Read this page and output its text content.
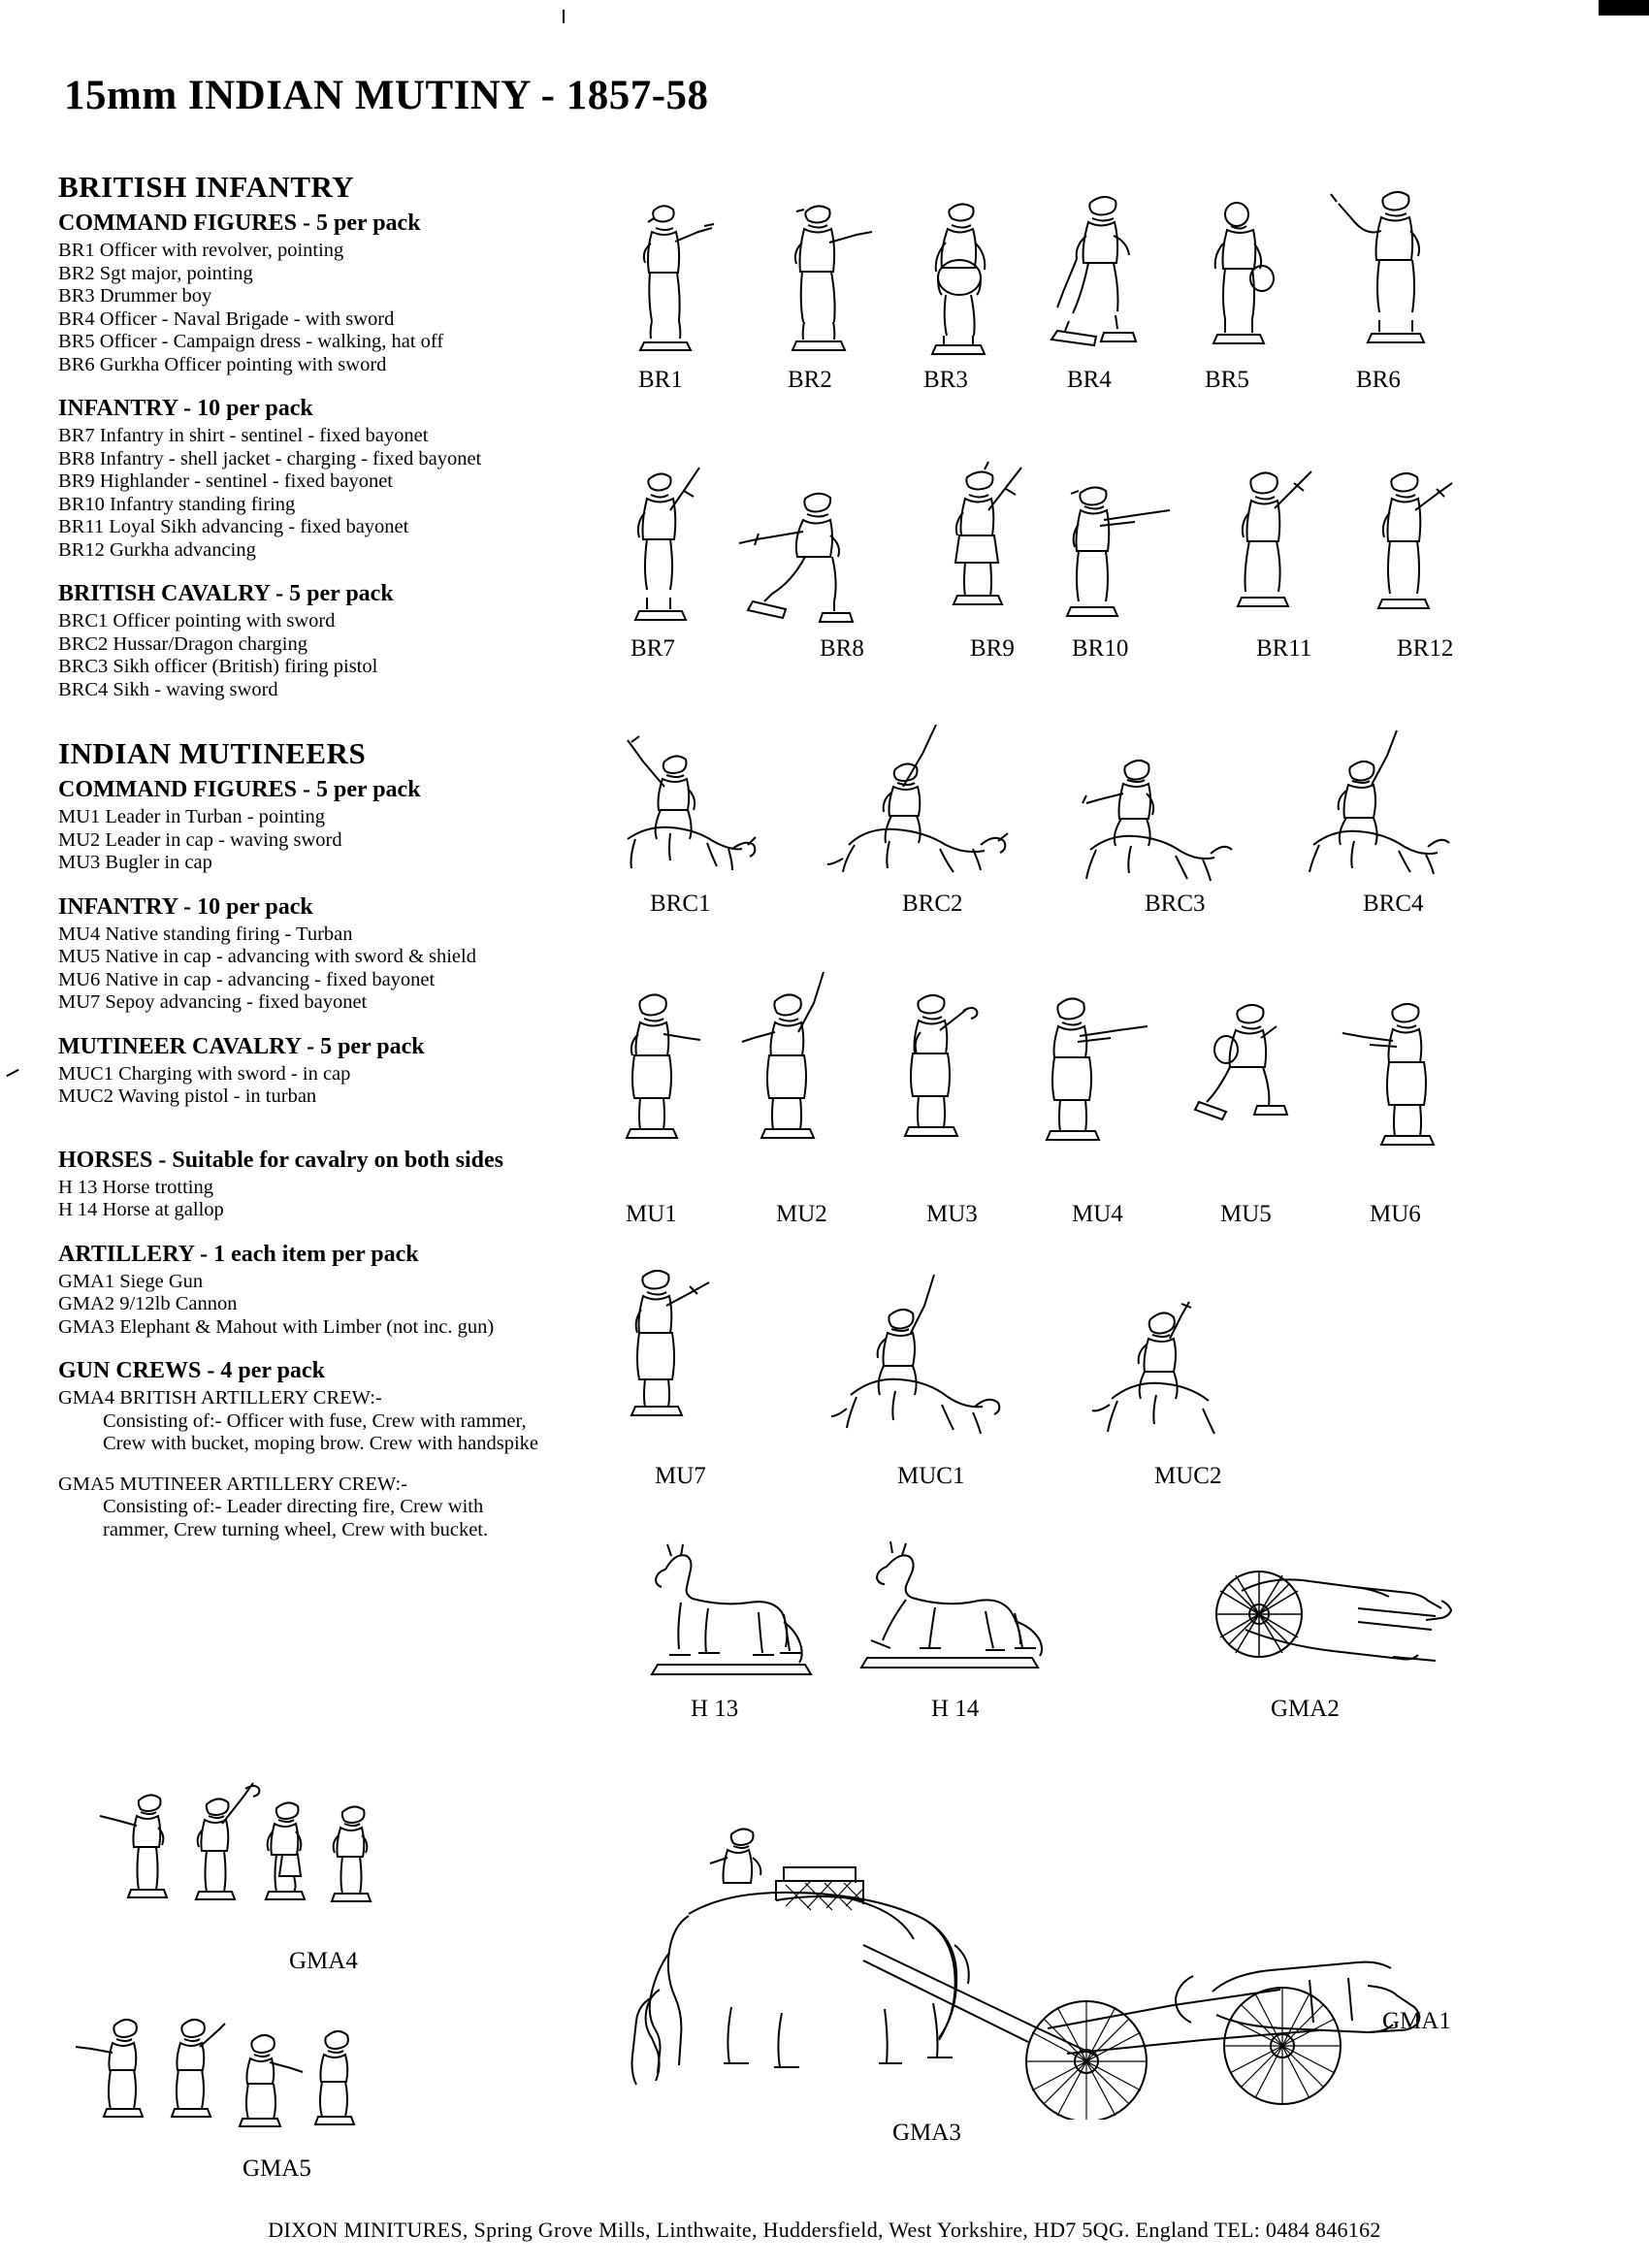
15mm INDIAN MUTINY - 1857-58
BRITISH INFANTRY
COMMAND FIGURES - 5 per pack
BR1 Officer with revolver, pointing
BR2 Sgt major, pointing
BR3 Drummer boy
BR4 Officer - Naval Brigade - with sword
BR5 Officer - Campaign dress - walking, hat off
BR6 Gurkha Officer pointing with sword
INFANTRY - 10 per pack
BR7 Infantry in shirt - sentinel - fixed bayonet
BR8 Infantry - shell jacket - charging - fixed bayonet
BR9 Highlander - sentinel - fixed bayonet
BR10 Infantry standing firing
BR11 Loyal Sikh advancing - fixed bayonet
BR12 Gurkha advancing
BRITISH CAVALRY - 5 per pack
BRC1 Officer pointing with sword
BRC2 Hussar/Dragon charging
BRC3 Sikh officer (British) firing pistol
BRC4 Sikh - waving sword
INDIAN MUTINEERS
COMMAND FIGURES - 5 per pack
MU1 Leader in Turban - pointing
MU2 Leader in cap - waving sword
MU3 Bugler in cap
INFANTRY - 10 per pack
MU4 Native standing firing - Turban
MU5 Native in cap - advancing with sword & shield
MU6 Native in cap - advancing - fixed bayonet
MU7 Sepoy advancing - fixed bayonet
MUTINEER CAVALRY - 5 per pack
MUC1 Charging with sword - in cap
MUC2 Waving pistol - in turban
HORSES - Suitable for cavalry on both sides
H 13 Horse trotting
H 14 Horse at gallop
ARTILLERY - 1 each item per pack
GMA1 Siege Gun
GMA2 9/12lb Cannon
GMA3 Elephant & Mahout with Limber (not inc. gun)
GUN CREWS - 4 per pack
GMA4 BRITISH ARTILLERY CREW:-
Consisting of:- Officer with fuse, Crew with rammer,
Crew with bucket, moping brow. Crew with handspike
GMA5 MUTINEER ARTILLERY CREW:-
Consisting of:- Leader directing fire, Crew with
rammer, Crew turning wheel, Crew with bucket.
BR1	BR2	BR3	BR4	BR5	BR6
BR7	BR8	BR9 BR10	BR11	BR12
BRC1	BRC2	BRC3	BRC4
MU1	MU2	MU3	MU4	MU5	MU6
MU7	MUC1	MUC2
H 13	H 14	GMA2
GMA4
GMA5
GMA1
GMA3
DIXON MINITURES, Spring Grove Mills, Linthwaite, Huddersfield, West Yorkshire, HD7 5QG. England TEL: 0484 846162
